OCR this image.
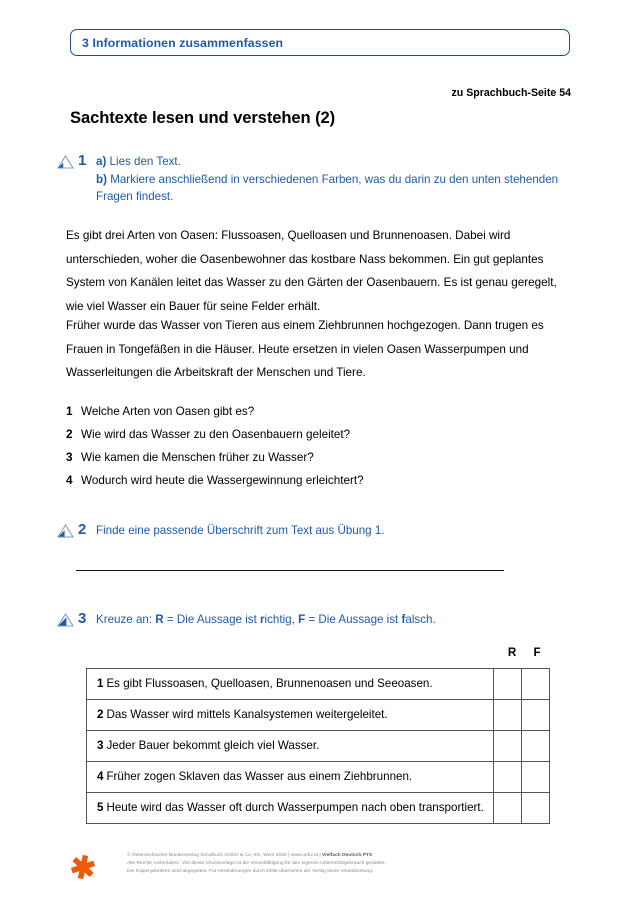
3 Informationen zusammenfassen
zu Sprachbuch-Seite 54
Sachtexte lesen und verstehen (2)
1 a) Lies den Text.
b) Markiere anschließend in verschiedenen Farben, was du darin zu den unten stehenden Fragen findest.
Es gibt drei Arten von Oasen: Flussoasen, Quelloasen und Brunnenoasen. Dabei wird unterschieden, woher die Oasenbewohner das kostbare Nass bekommen. Ein gut geplantes System von Kanälen leitet das Wasser zu den Gärten der Oasenbauern. Es ist genau geregelt, wie viel Wasser ein Bauer für seine Felder erhält.
Früher wurde das Wasser von Tieren aus einem Ziehbrunnen hochgezogen. Dann trugen es Frauen in Tongefäßen in die Häuser. Heute ersetzen in vielen Oasen Wasserpumpen und Wasserleitungen die Arbeitskraft der Menschen und Tiere.
1 Welche Arten von Oasen gibt es?
2 Wie wird das Wasser zu den Oasenbauern geleitet?
3 Wie kamen die Menschen früher zu Wasser?
4 Wodurch wird heute die Wassergewinnung erleichtert?
2 Finde eine passende Überschrift zum Text aus Übung 1.
3 Kreuze an: R = Die Aussage ist richtig, F = Die Aussage ist falsch.
R	F
1 Es gibt Flussoasen, Quelloasen, Brunnenoasen und Seeoasen.		
2 Das Wasser wird mittels Kanalsystemen weitergeleitet.		
3 Jeder Bauer bekommt gleich viel Wasser.		
4 Früher zogen Sklaven das Wasser aus einem Ziehbrunnen.		
5 Heute wird das Wasser oft durch Wasserpumpen nach oben transportiert.		
© Österreichischer Bundesverlag Schulbuch GmbH & Co. KG, Wien 2020 | www.oebv.at | Vielfach Deutsch PTS
Alle Rechte vorbehalten. Von dieser Druckvorlage ist die Vervielfältigung für den eigenen Unterrichtsgebrauch gestattet.
Die Kopiergebühren sind abgegolten. Für Veränderungen durch Dritte übernimmt der Verlag keine Verantwortung.
